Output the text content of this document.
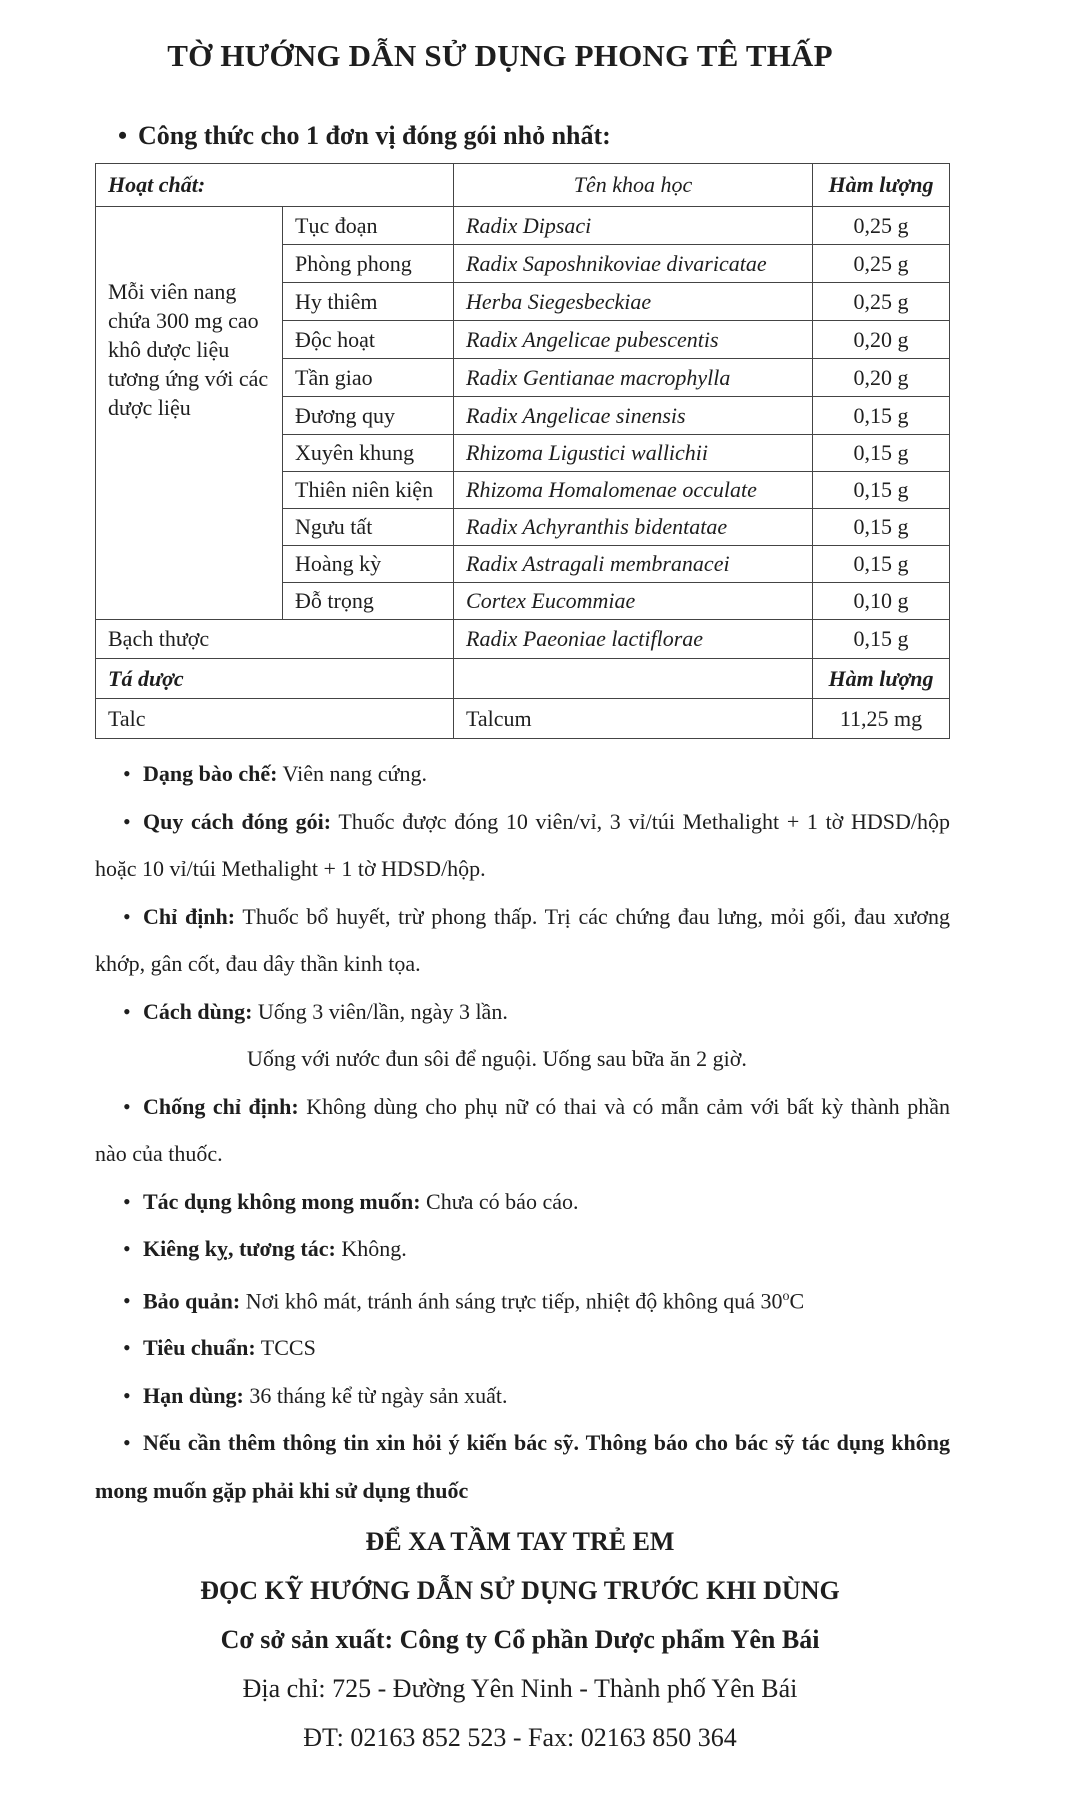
TỜ HƯỚNG DẪN SỬ DỤNG PHONG TÊ THẤP
• Công thức cho 1 đơn vị đóng gói nhỏ nhất:
Hoạt chất:		Tên khoa học	Hàm lượng

Mỗi viên nang chứa 300 mg cao khô dược liệu tương ứng với các dược liệu	Tục đoạn	Radix Dipsaci	0,25 g
	Phòng phong	Radix Saposhnikoviae divaricatae	0,25 g
	Hy thiêm	Herba Siegesbeckiae	0,25 g
	Độc hoạt	Radix Angelicae pubescentis	0,20 g
	Tần giao	Radix Gentianae macrophylla	0,20 g
	Đương quy	Radix Angelicae sinensis	0,15 g
	Xuyên khung	Rhizoma Ligustici wallichii	0,15 g
	Thiên niên kiện	Rhizoma Homalomenae occulate	0,15 g
	Ngưu tất	Radix Achyranthis bidentatae	0,15 g
	Hoàng kỳ	Radix Astragali membranacei	0,15 g
	Đỗ trọng	Cortex Eucommiae	0,10 g
Bạch thược		Radix Paeoniae lactiflorae	0,15 g
Tá dược			Hàm lượng
Talc		Talcum	11,25 mg

• Dạng bào chế: Viên nang cứng.

• Quy cách đóng gói: Thuốc được đóng 10 viên/vỉ, 3 vỉ/túi Methalight + 1 tờ HDSD/hộp hoặc 10 vỉ/túi Methalight + 1 tờ HDSD/hộp.

• Chỉ định: Thuốc bổ huyết, trừ phong thấp. Trị các chứng đau lưng, mỏi gối, đau xương khớp, gân cốt, đau dây thần kinh tọa.

• Cách dùng: Uống 3 viên/lần, ngày 3 lần.

Uống với nước đun sôi để nguội. Uống sau bữa ăn 2 giờ.

• Chống chỉ định: Không dùng cho phụ nữ có thai và có mẫn cảm với bất kỳ thành phần nào của thuốc.

• Tác dụng không mong muốn: Chưa có báo cáo.

• Kiêng kỵ, tương tác: Không.

• Bảo quản: Nơi khô mát, tránh ánh sáng trực tiếp, nhiệt độ không quá 30$^o$C

• Tiêu chuẩn: TCCS

• Hạn dùng: 36 tháng kể từ ngày sản xuất.

• Nếu cần thêm thông tin xin hỏi ý kiến bác sỹ. Thông báo cho bác sỹ tác dụng không mong muốn gặp phải khi sử dụng thuốc

ĐỂ XA TẦM TAY TRẺ EM
ĐỌC KỸ HƯỚNG DẪN SỬ DỤNG TRƯỚC KHI DÙNG
Cơ sở sản xuất: Công ty Cổ phần Dược phẩm Yên Bái
Địa chỉ: 725 - Đường Yên Ninh - Thành phố Yên Bái
ĐT: 02163 852 523 - Fax: 02163 850 364
